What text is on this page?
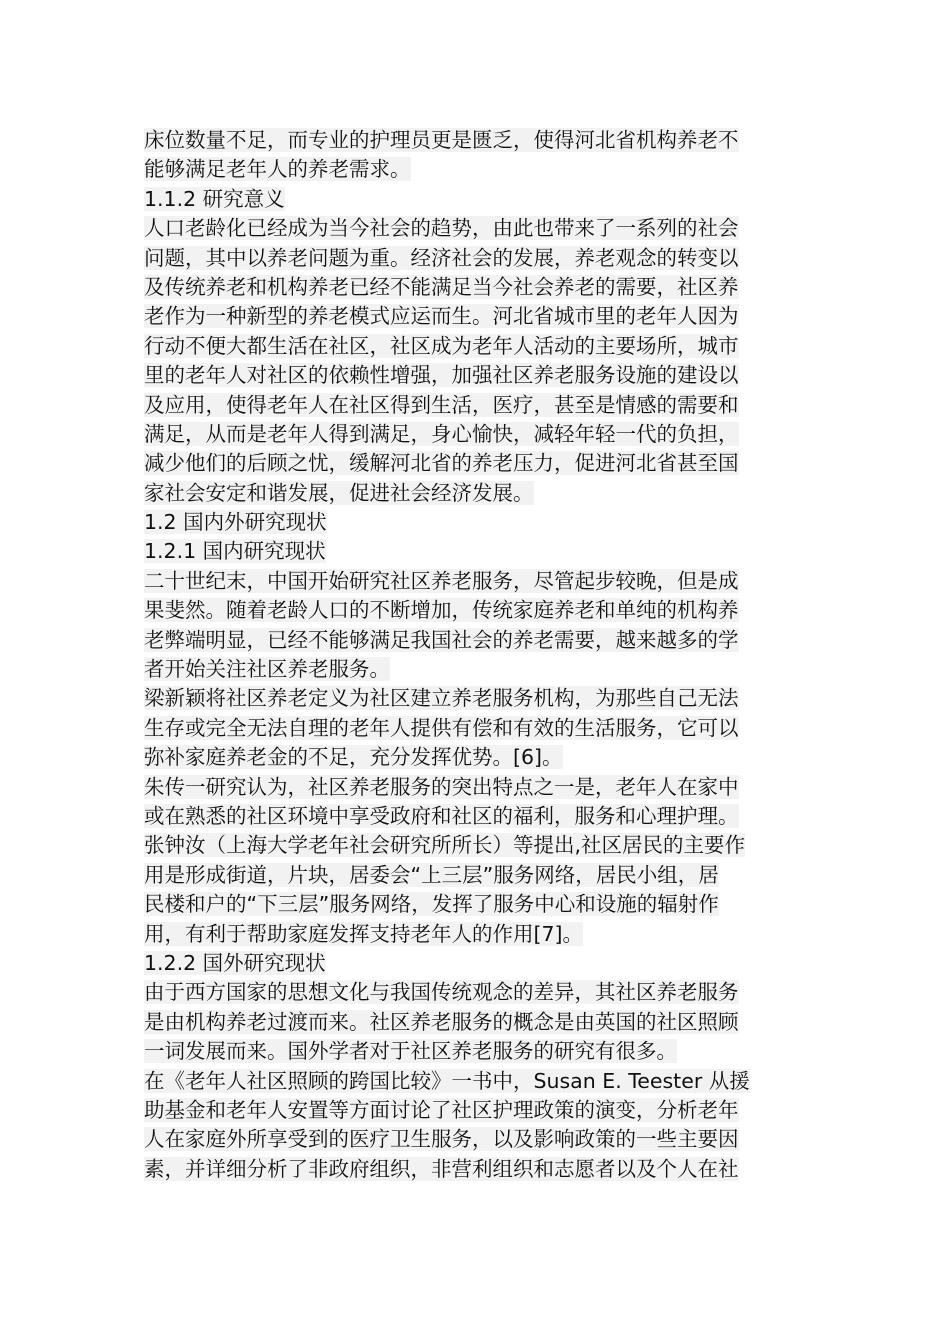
床位数量不足，而专业的护理员更是匮乏，使得河北省机构养老不
能够满足老年人的养老需求。
1.1.2 研究意义
人口老龄化已经成为当今社会的趋势，由此也带来了一系列的社会
问题，其中以养老问题为重。经济社会的发展，养老观念的转变以
及传统养老和机构养老已经不能满足当今社会养老的需要，社区养
老作为一种新型的养老模式应运而生。河北省城市里的老年人因为
行动不便大都生活在社区，社区成为老年人活动的主要场所，城市
里的老年人对社区的依赖性增强，加强社区养老服务设施的建设以
及应用，使得老年人在社区得到生活，医疗，甚至是情感的需要和
满足，从而是老年人得到满足，身心愉快，减轻年轻一代的负担，
减少他们的后顾之忧，缓解河北省的养老压力，促进河北省甚至国
家社会安定和谐发展，促进社会经济发展。
1.2 国内外研究现状
1.2.1 国内研究现状
二十世纪末，中国开始研究社区养老服务，尽管起步较晚，但是成
果斐然。随着老龄人口的不断增加，传统家庭养老和单纯的机构养
老弊端明显，已经不能够满足我国社会的养老需要，越来越多的学
者开始关注社区养老服务。
梁新颖将社区养老定义为社区建立养老服务机构，为那些自己无法
生存或完全无法自理的老年人提供有偿和有效的生活服务，它可以
弥补家庭养老金的不足，充分发挥优势。[6]。
朱传一研究认为，社区养老服务的突出特点之一是，老年人在家中
或在熟悉的社区环境中享受政府和社区的福利，服务和心理护理。
张钟汝（上海大学老年社会研究所所长）等提出,社区居民的主要作
用是形成街道，片块，居委会“上三层”服务网络，居民小组，居
民楼和户的“下三层”服务网络，发挥了服务中心和设施的辐射作
用，有利于帮助家庭发挥支持老年人的作用[7]。
1.2.2 国外研究现状
由于西方国家的思想文化与我国传统观念的差异，其社区养老服务
是由机构养老过渡而来。社区养老服务的概念是由英国的社区照顾
一词发展而来。国外学者对于社区养老服务的研究有很多。
在《老年人社区照顾的跨国比较》一书中，Susan E. Teester 从援
助基金和老年人安置等方面讨论了社区护理政策的演变，分析老年
人在家庭外所享受到的医疗卫生服务，以及影响政策的一些主要因
素，并详细分析了非政府组织，非营利组织和志愿者以及个人在社
